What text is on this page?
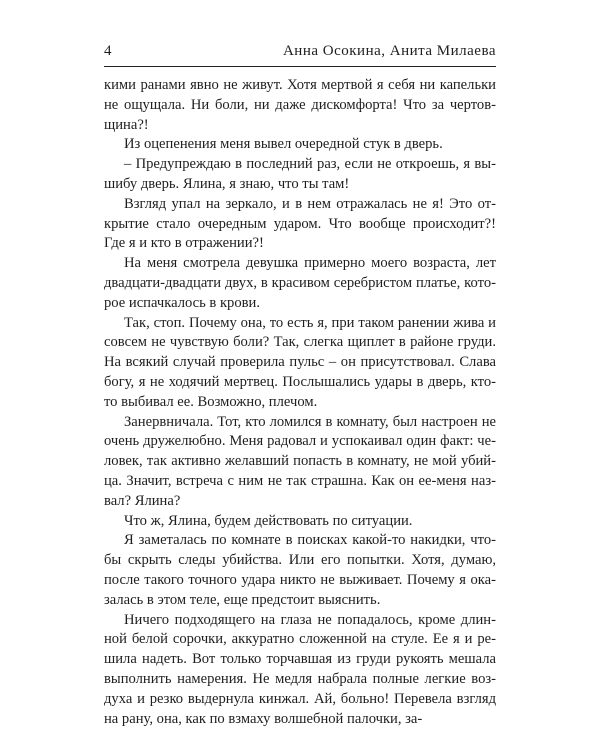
4	Анна Осокина, Анита Милаева

кими ранами явно не живут. Хотя мертвой я себя ни капельки не ощущала. Ни боли, ни даже дискомфорта! Что за чертовщина?!

Из оцепенения меня вывел очередной стук в дверь.

– Предупреждаю в последний раз, если не откроешь, я вышибу дверь. Ялина, я знаю, что ты там!

Взгляд упал на зеркало, и в нем отражалась не я! Это открытие стало очередным ударом. Что вообще происходит?! Где я и кто в отражении?!

На меня смотрела девушка примерно моего возраста, лет двадцати-двадцати двух, в красивом серебристом платье, которое испачкалось в крови.

Так, стоп. Почему она, то есть я, при таком ранении жива и совсем не чувствую боли? Так, слегка щиплет в районе груди. На всякий случай проверила пульс – он присутствовал. Слава богу, я не ходячий мертвец. Послышались удары в дверь, кто-то выбивал ее. Возможно, плечом.

Занервничала. Тот, кто ломился в комнату, был настроен не очень дружелюбно. Меня радовал и успокаивал один факт: человек, так активно желавший попасть в комнату, не мой убийца. Значит, встреча с ним не так страшна. Как он ее-меня назвал? Ялина?

Что ж, Ялина, будем действовать по ситуации.

Я заметалась по комнате в поисках какой-то накидки, чтобы скрыть следы убийства. Или его попытки. Хотя, думаю, после такого точного удара никто не выживает. Почему я оказалась в этом теле, еще предстоит выяснить.

Ничего подходящего на глаза не попадалось, кроме длинной белой сорочки, аккуратно сложенной на стуле. Ее я и решила надеть. Вот только торчавшая из груди рукоять мешала выполнить намерения. Не медля набрала полные легкие воздуха и резко выдернула кинжал. Ай, больно! Перевела взгляд на рану, она, как по взмаху волшебной палочки, за-
